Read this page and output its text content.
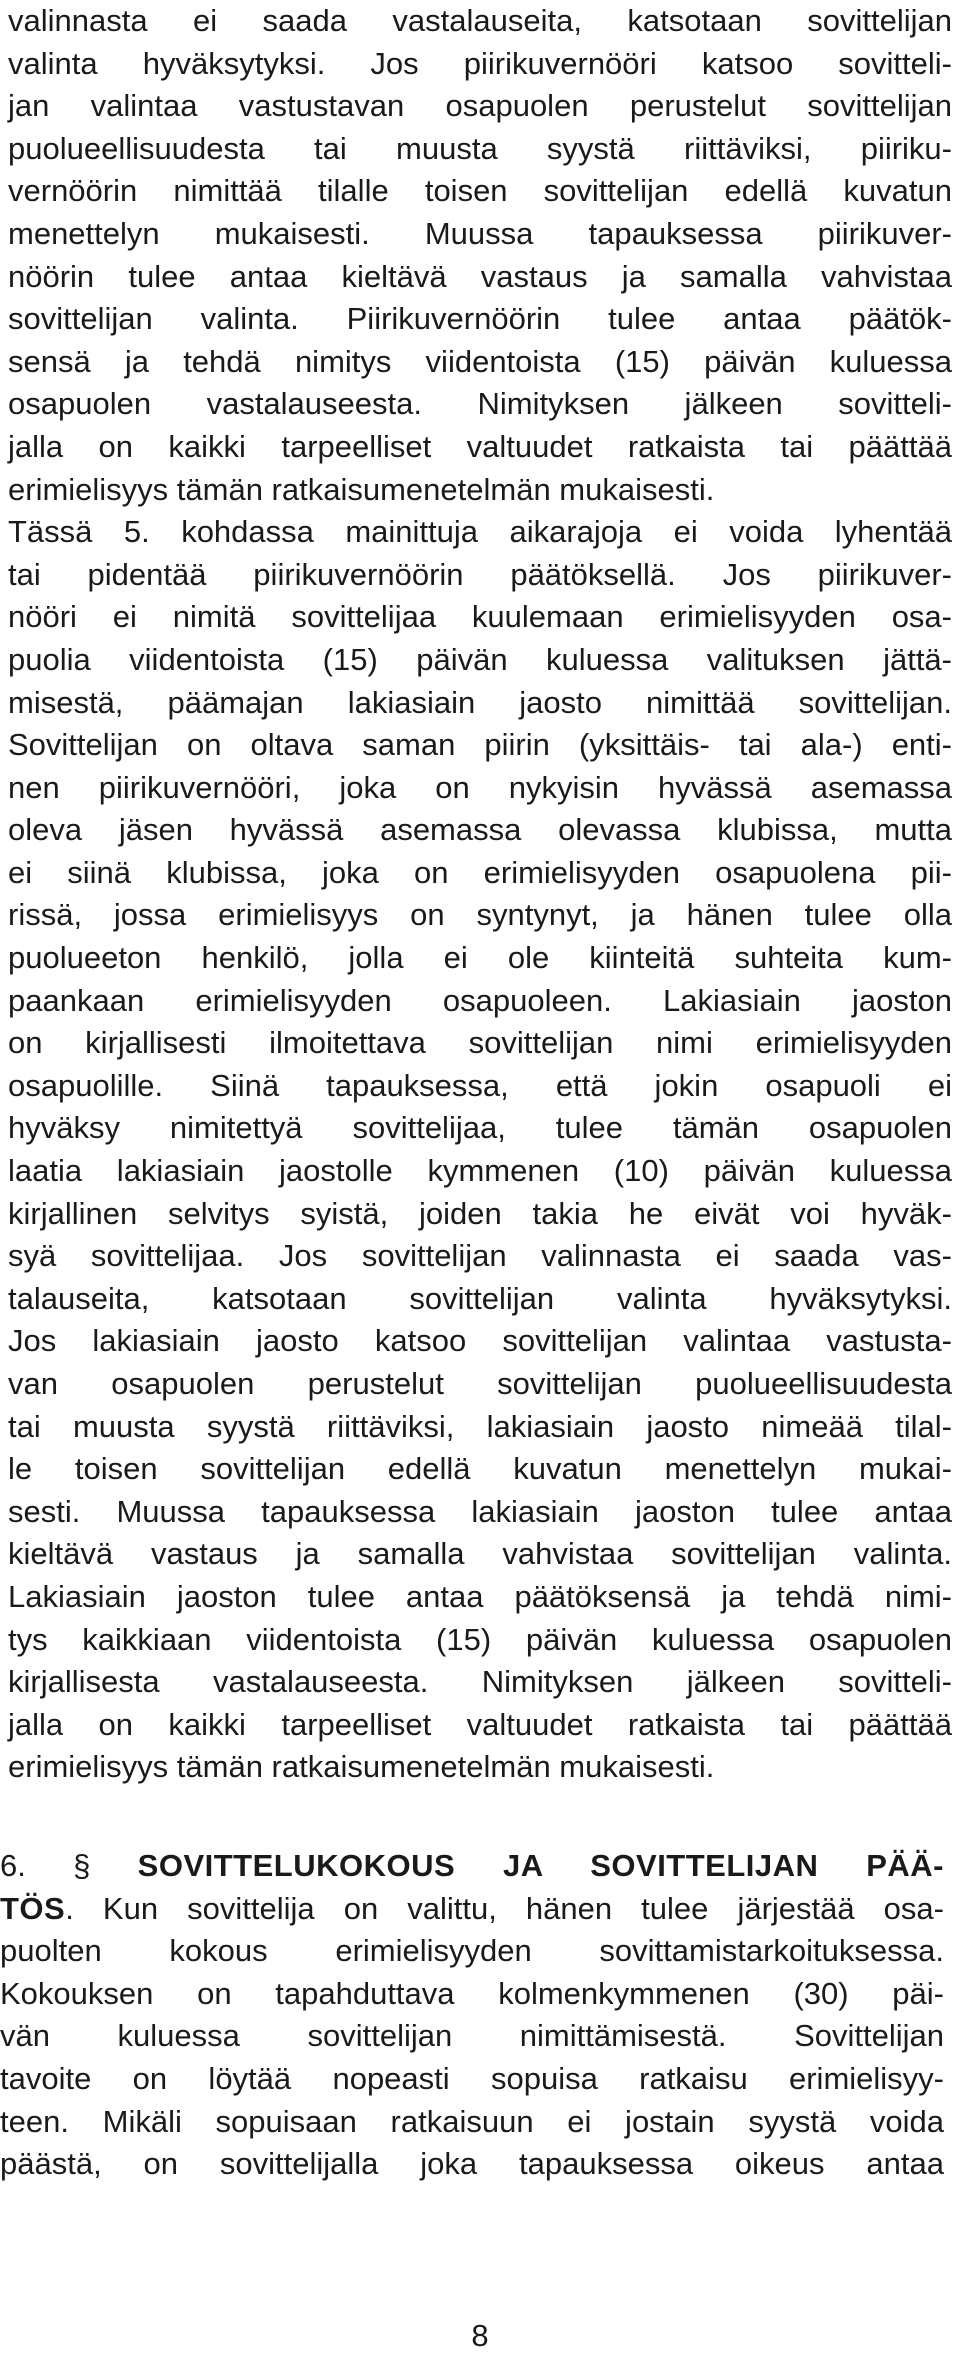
valinnasta ei saada vastalauseita, katsotaan sovittelijan
valinta hyväksytyksi. Jos piirikuvernööri katsoo sovitteli-
jan valintaa vastustavan osapuolen perustelut sovittelijan
puolueellisuudesta tai muusta syystä riittäviksi, piiriku-
vernöörin nimittää tilalle toisen sovittelijan edellä kuvatun
menettelyn mukaisesti. Muussa tapauksessa piirikuver-
nöörin tulee antaa kieltävä vastaus ja samalla vahvistaa
sovittelijan valinta. Piirikuvernöörin tulee antaa päätök-
sensä ja tehdä nimitys viidentoista (15) päivän kuluessa
osapuolen vastalauseesta. Nimityksen jälkeen sovitteli-
jalla on kaikki tarpeelliset valtuudet ratkaista tai päättää
erimielisyys tämän ratkaisumenetelmän mukaisesti.
Tässä 5. kohdassa mainittuja aikarajoja ei voida lyhentää
tai pidentää piirikuvernöörin päätöksellä. Jos piirikuver-
nööri ei nimitä sovittelijaa kuulemaan erimielisyyden osa-
puolia viidentoista (15) päivän kuluessa valituksen jättä-
misestä, päämajan lakiasiain jaosto nimittää sovittelijan.
Sovittelijan on oltava saman piirin (yksittäis- tai ala-) enti-
nen piirikuvernööri, joka on nykyisin hyvässä asemassa
oleva jäsen hyvässä asemassa olevassa klubissa, mutta
ei siinä klubissa, joka on erimielisyyden osapuolena pii-
rissä, jossa erimielisyys on syntynyt, ja hänen tulee olla
puolueeton henkilö, jolla ei ole kiinteitä suhteita kum-
paankaan erimielisyyden osapuoleen. Lakiasiain jaoston
on kirjallisesti ilmoitettava sovittelijan nimi erimielisyyden
osapuolille. Siinä tapauksessa, että jokin osapuoli ei
hyväksy nimitettyä sovittelijaa, tulee tämän osapuolen
laatia lakiasiain jaostolle kymmenen (10) päivän kuluessa
kirjallinen selvitys syistä, joiden takia he eivät voi hyväk-
syä sovittelijaa. Jos sovittelijan valinnasta ei saada vas-
talauseita, katsotaan sovittelijan valinta hyväksytyksi.
Jos lakiasiain jaosto katsoo sovittelijan valintaa vastusta-
van osapuolen perustelut sovittelijan puolueellisuudesta
tai muusta syystä riittäviksi, lakiasiain jaosto nimeää tilal-
le toisen sovittelijan edellä kuvatun menettelyn mukai-
sesti. Muussa tapauksessa lakiasiain jaoston tulee antaa
kieltävä vastaus ja samalla vahvistaa sovittelijan valinta.
Lakiasiain jaoston tulee antaa päätöksensä ja tehdä nimi-
tys kaikkiaan viidentoista (15) päivän kuluessa osapuolen
kirjallisesta vastalauseesta. Nimityksen jälkeen sovitteli-
jalla on kaikki tarpeelliset valtuudet ratkaista tai päättää
erimielisyys tämän ratkaisumenetelmän mukaisesti.
6. § SOVITTELUKOKOUS JA SOVITTELIJAN PÄÄ-
TÖS. Kun sovittelija on valittu, hänen tulee järjestää osa-
puolten kokous erimielisyyden sovittamistarkoituksessa.
Kokouksen on tapahduttava kolmenkymmenen (30) päi-
vän kuluessa sovittelijan nimittämisestä. Sovittelijan
tavoite on löytää nopeasti sopuisa ratkaisu erimielisyy-
teen. Mikäli sopuisaan ratkaisuun ei jostain syystä voida
päästä, on sovittelijalla joka tapauksessa oikeus antaa
8
